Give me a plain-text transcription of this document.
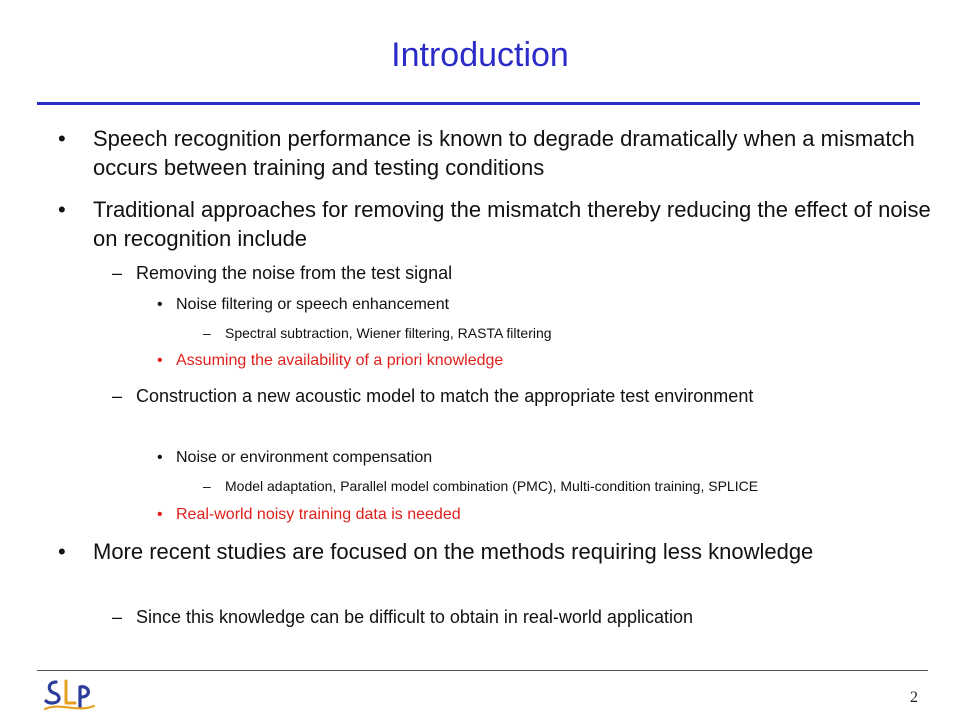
Introduction
• Speech recognition performance is known to degrade dramatically when a mismatch occurs between training and testing conditions
• Traditional approaches for removing the mismatch thereby reducing the effect of noise on recognition include
– Removing the noise from the test signal
• Noise filtering or speech enhancement
– Spectral subtraction, Wiener filtering, RASTA filtering
• Assuming the availability of a priori knowledge
– Construction a new acoustic model to match the appropriate test environment
• Noise or environment compensation
– Model adaptation, Parallel model combination (PMC), Multi-condition training, SPLICE
• Real-world noisy training data is needed
• More recent studies are focused on the methods requiring less knowledge
– Since this knowledge can be difficult to obtain in real-world application
2
